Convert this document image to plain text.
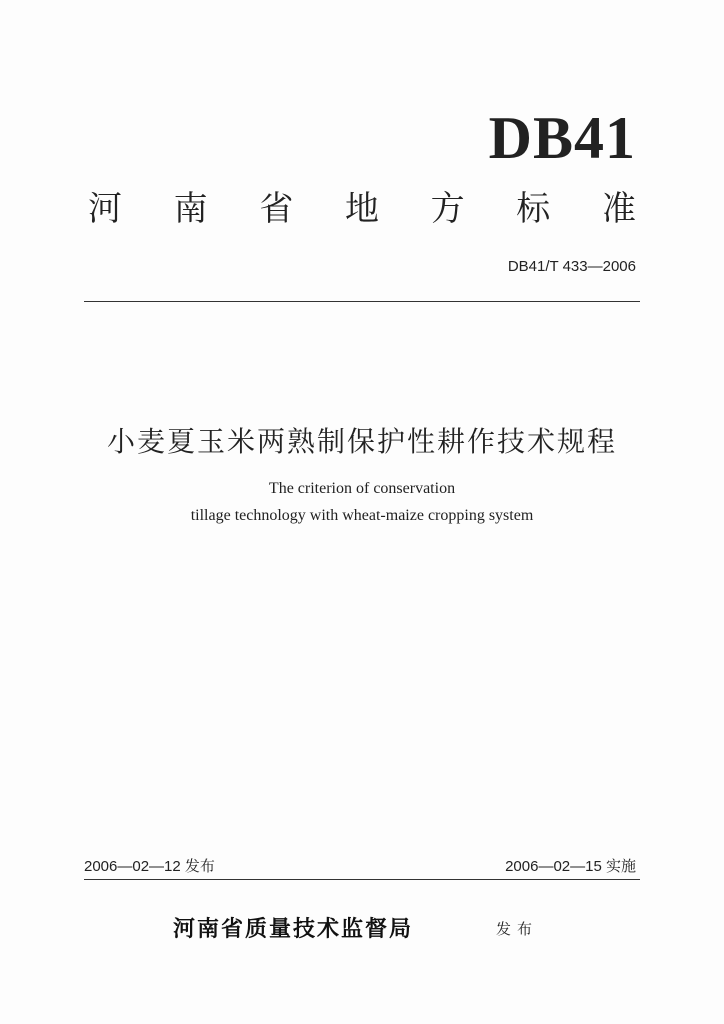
DB41
河 南 省 地 方 标 准
DB41/T 433—2006
小麦夏玉米两熟制保护性耕作技术规程
The criterion of conservation
tillage technology with wheat-maize cropping system
2006—02—12 发布	2006—02—15 实施
河南省质量技术监督局	发布
